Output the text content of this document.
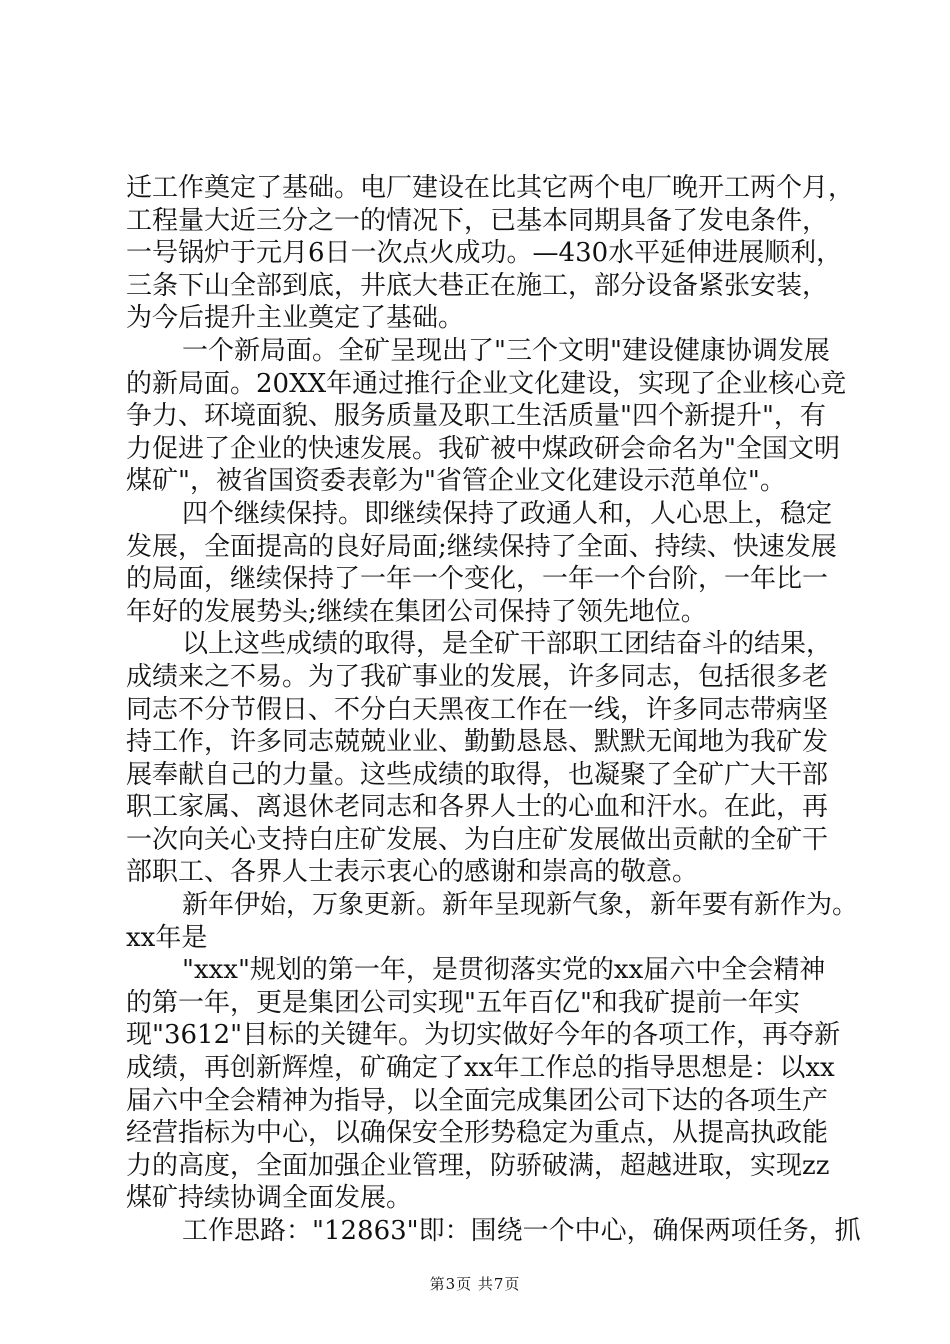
迁工作奠定了基础。电厂建设在比其它两个电厂晚开工两个月，
工程量大近三分之一的情况下，已基本同期具备了发电条件，
一号锅炉于元月6日一次点火成功。—430水平延伸进展顺利，
三条下山全部到底，井底大巷正在施工，部分设备紧张安装，
为今后提升主业奠定了基础。

一个新局面。全矿呈现出了"三个文明"建设健康协调发展
的新局面。20XX年通过推行企业文化建设，实现了企业核心竞
争力、环境面貌、服务质量及职工生活质量"四个新提升"，有
力促进了企业的快速发展。我矿被中煤政研会命名为"全国文明
煤矿"，被省国资委表彰为"省管企业文化建设示范单位"。

四个继续保持。即继续保持了政通人和，人心思上，稳定
发展，全面提高的良好局面;继续保持了全面、持续、快速发展
的局面，继续保持了一年一个变化，一年一个台阶，一年比一
年好的发展势头;继续在集团公司保持了领先地位。

以上这些成绩的取得，是全矿干部职工团结奋斗的结果，
成绩来之不易。为了我矿事业的发展，许多同志，包括很多老
同志不分节假日、不分白天黑夜工作在一线，许多同志带病坚
持工作，许多同志兢兢业业、勤勤恳恳、默默无闻地为我矿发
展奉献自己的力量。这些成绩的取得，也凝聚了全矿广大干部
职工家属、离退休老同志和各界人士的心血和汗水。在此，再
一次向关心支持白庄矿发展、为白庄矿发展做出贡献的全矿干
部职工、各界人士表示衷心的感谢和崇高的敬意。

新年伊始，万象更新。新年呈现新气象，新年要有新作为。
xx年是

"xxx"规划的第一年，是贯彻落实党的xx届六中全会精神
的第一年，更是集团公司实现"五年百亿"和我矿提前一年实
现"3612"目标的关键年。为切实做好今年的各项工作，再夺新
成绩，再创新辉煌，矿确定了xx年工作总的指导思想是：以xx
届六中全会精神为指导，以全面完成集团公司下达的各项生产
经营指标为中心，以确保安全形势稳定为重点，从提高执政能
力的高度，全面加强企业管理，防骄破满，超越进取，实现zz
煤矿持续协调全面发展。

工作思路："12863"即：围绕一个中心，确保两项任务，抓

第3页 共7页
